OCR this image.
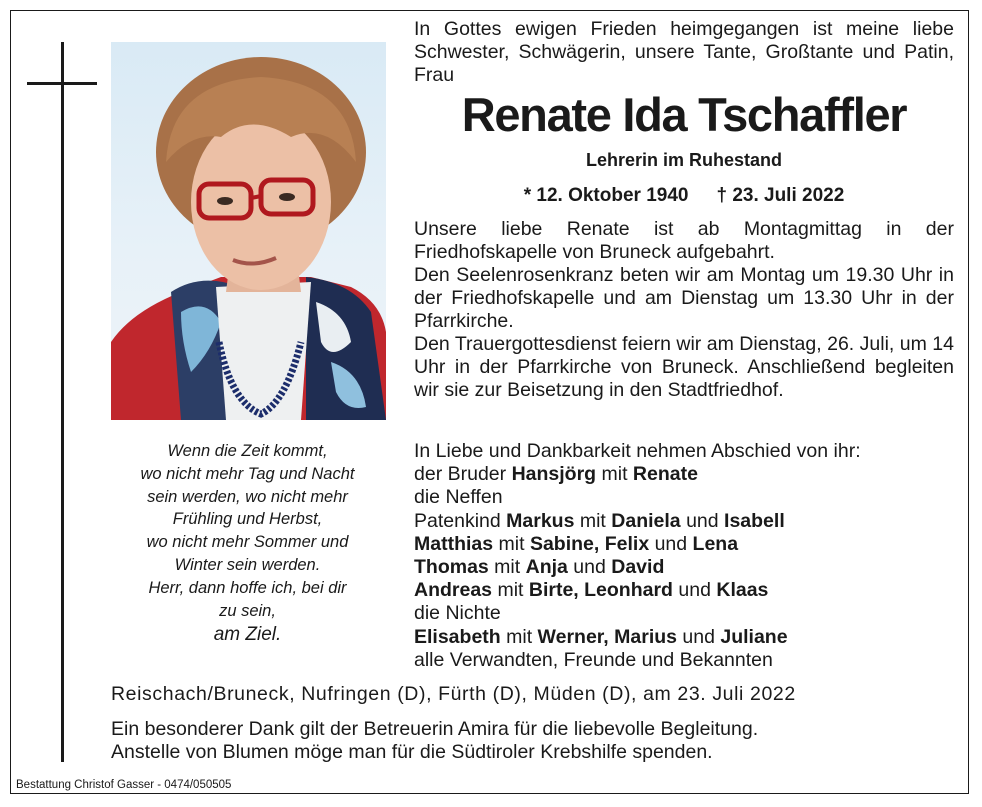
Wenn die Zeit kommt,
wo nicht mehr Tag und Nacht
sein werden, wo nicht mehr
Frühling und Herbst,
wo nicht mehr Sommer und
Winter sein werden.
Herr, dann hoffe ich, bei dir
zu sein,
am Ziel.
In Gottes ewigen Frieden heimgegangen ist meine liebe Schwester, Schwägerin, unsere Tante, Großtante und Patin, Frau
Renate Ida Tschaffler
Lehrerin im Ruhestand
* 12. Oktober 1940 † 23. Juli 2022

Unsere liebe Renate ist ab Montagmittag in der Friedhofskapelle von Bruneck aufgebahrt.

Den Seelenrosenkranz beten wir am Montag um 19.30 Uhr in der Friedhofskapelle und am Dienstag um 13.30 Uhr in der Pfarrkirche.

Den Trauergottesdienst feiern wir am Dienstag, 26. Juli, um 14 Uhr in der Pfarrkirche von Bruneck. Anschließend begleiten wir sie zur Beisetzung in den Stadtfriedhof.

In Liebe und Dankbarkeit nehmen Abschied von ihr:
der Bruder Hansjörg mit Renate
die Neffen
Patenkind Markus mit Daniela und Isabell
Matthias mit Sabine, Felix und Lena
Thomas mit Anja und David
Andreas mit Birte, Leonhard und Klaas
die Nichte
Elisabeth mit Werner, Marius und Juliane
alle Verwandten, Freunde und Bekannten
Reischach/Bruneck, Nufringen (D), Fürth (D), Müden (D), am 23. Juli 2022
Ein besonderer Dank gilt der Betreuerin Amira für die liebevolle Begleitung.
Anstelle von Blumen möge man für die Südtiroler Krebshilfe spenden.
Bestattung Christof Gasser - 0474/050505
